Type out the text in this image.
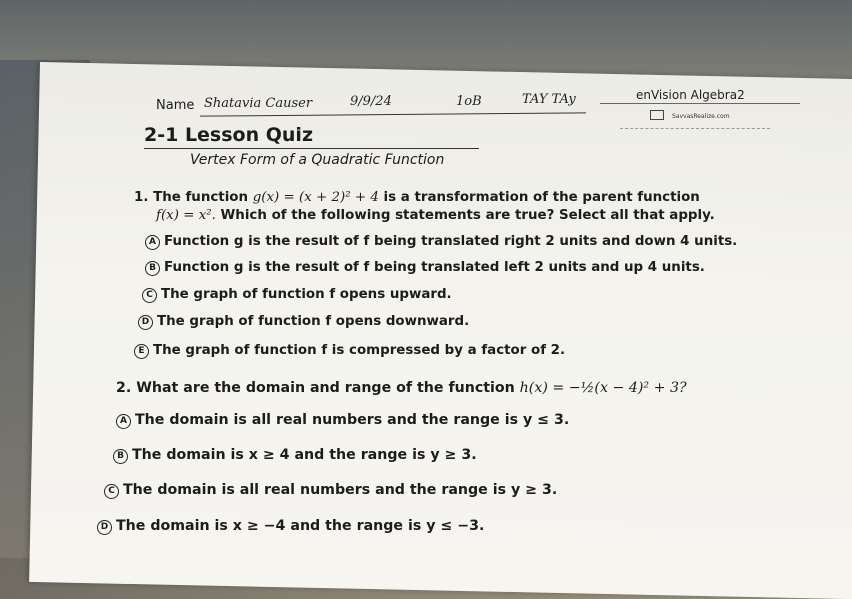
Name Shatavia Causer	9/9/24	1oB	TAY TAy	enVision Algebra2
SavvasRealize.com
2-1 Lesson Quiz
Vertex Form of a Quadratic Function
1. The function g(x) = (x + 2)² + 4 is a transformation of the parent function
f(x) = x². Which of the following statements are true? Select all that apply.
A Function g is the result of f being translated right 2 units and down 4 units.
B Function g is the result of f being translated left 2 units and up 4 units.
C The graph of function f opens upward.
D The graph of function f opens downward.
E The graph of function f is compressed by a factor of 2.
2. What are the domain and range of the function h(x) = −½(x − 4)² + 3?
A The domain is all real numbers and the range is y ≤ 3.
B The domain is x ≥ 4 and the range is y ≥ 3.
C The domain is all real numbers and the range is y ≥ 3.
D The domain is x ≥ −4 and the range is y ≤ −3.
